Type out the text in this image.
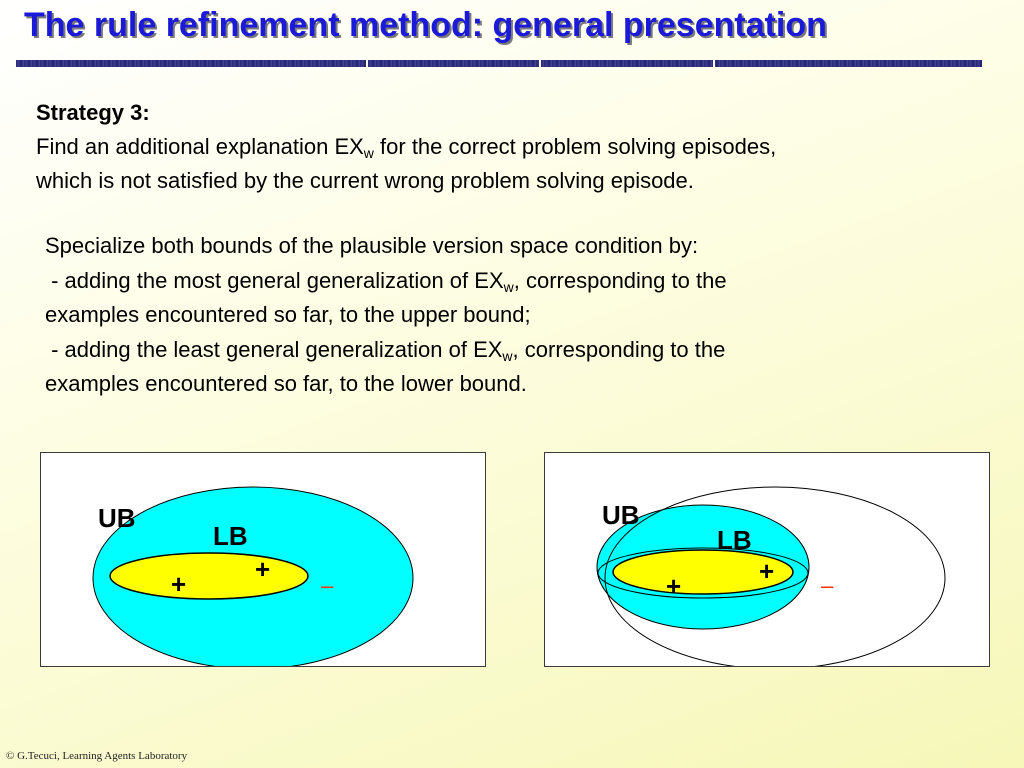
The rule refinement method: general presentation
Strategy 3:
Find an additional explanation $EX_w$ for the correct problem solving episodes,
which is not satisfied by the current wrong problem solving episode.
Specialize both bounds of the plausible version space condition by:
- adding the most general generalization of $EX_w$, corresponding to the
examples encountered so far, to the upper bound;
- adding the least general generalization of $EX_w$, corresponding to the
examples encountered so far, to the lower bound.
UB
LB
+
+	–
UB
LB
+
+	–
© G.Tecuci, Learning Agents Laboratory
